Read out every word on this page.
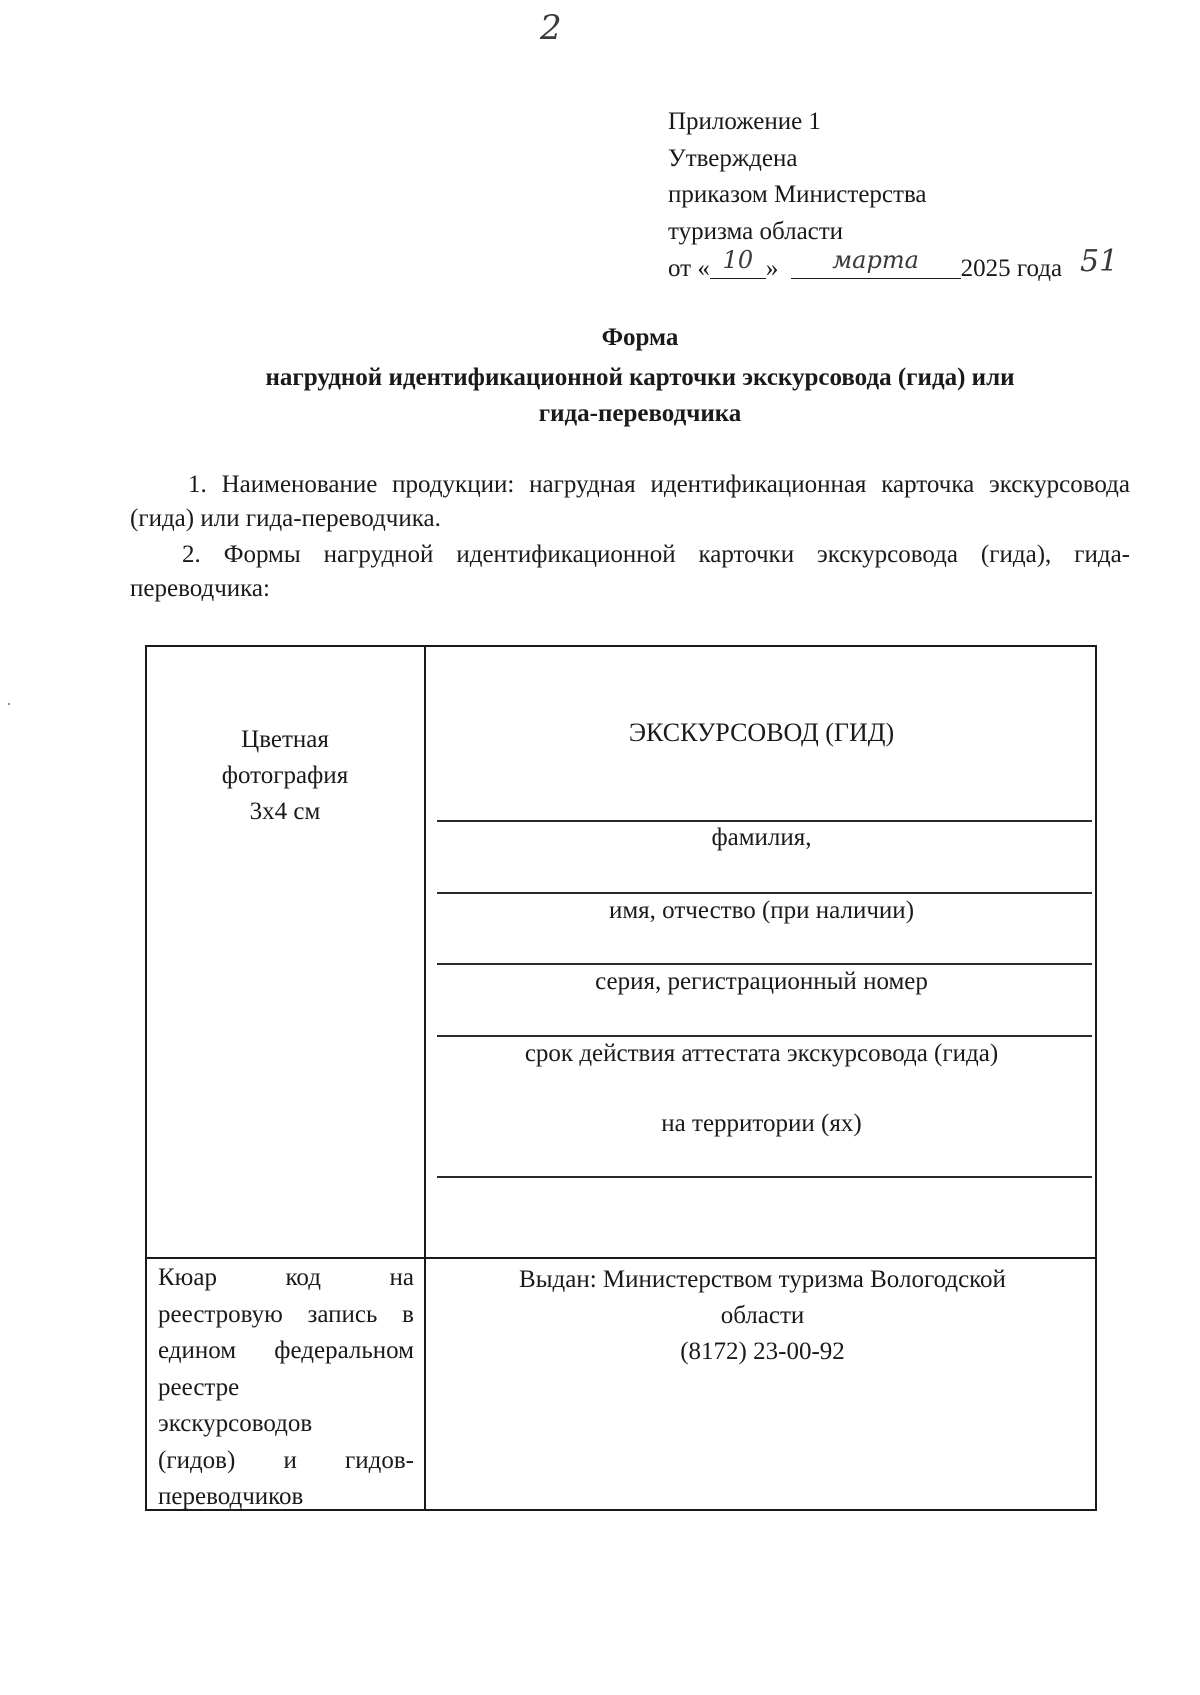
2
Приложение 1
Утверждена
приказом Министерства
туризма области
от « 10 » марта 2025 года 51
Форма
нагрудной идентификационной карточки экскурсовода (гида) или
гида-переводчика
1. Наименование продукции: нагрудная идентификационная карточка экскурсовода (гида) или гида-переводчика.
2. Формы нагрудной идентификационной карточки экскурсовода (гида), гида-переводчика:
Цветная
фотография
3х4 см
ЭКСКУРСОВОД (ГИД)
фамилия,
имя, отчество (при наличии)
серия, регистрационный номер
срок действия аттестата экскурсовода (гида)
на территории (ях)
Кюар код на
реестровую запись в
едином федеральном
реестре
экскурсоводов
(гидов) и гидов-
переводчиков
Выдан: Министерством туризма Вологодской
области
(8172) 23-00-92
